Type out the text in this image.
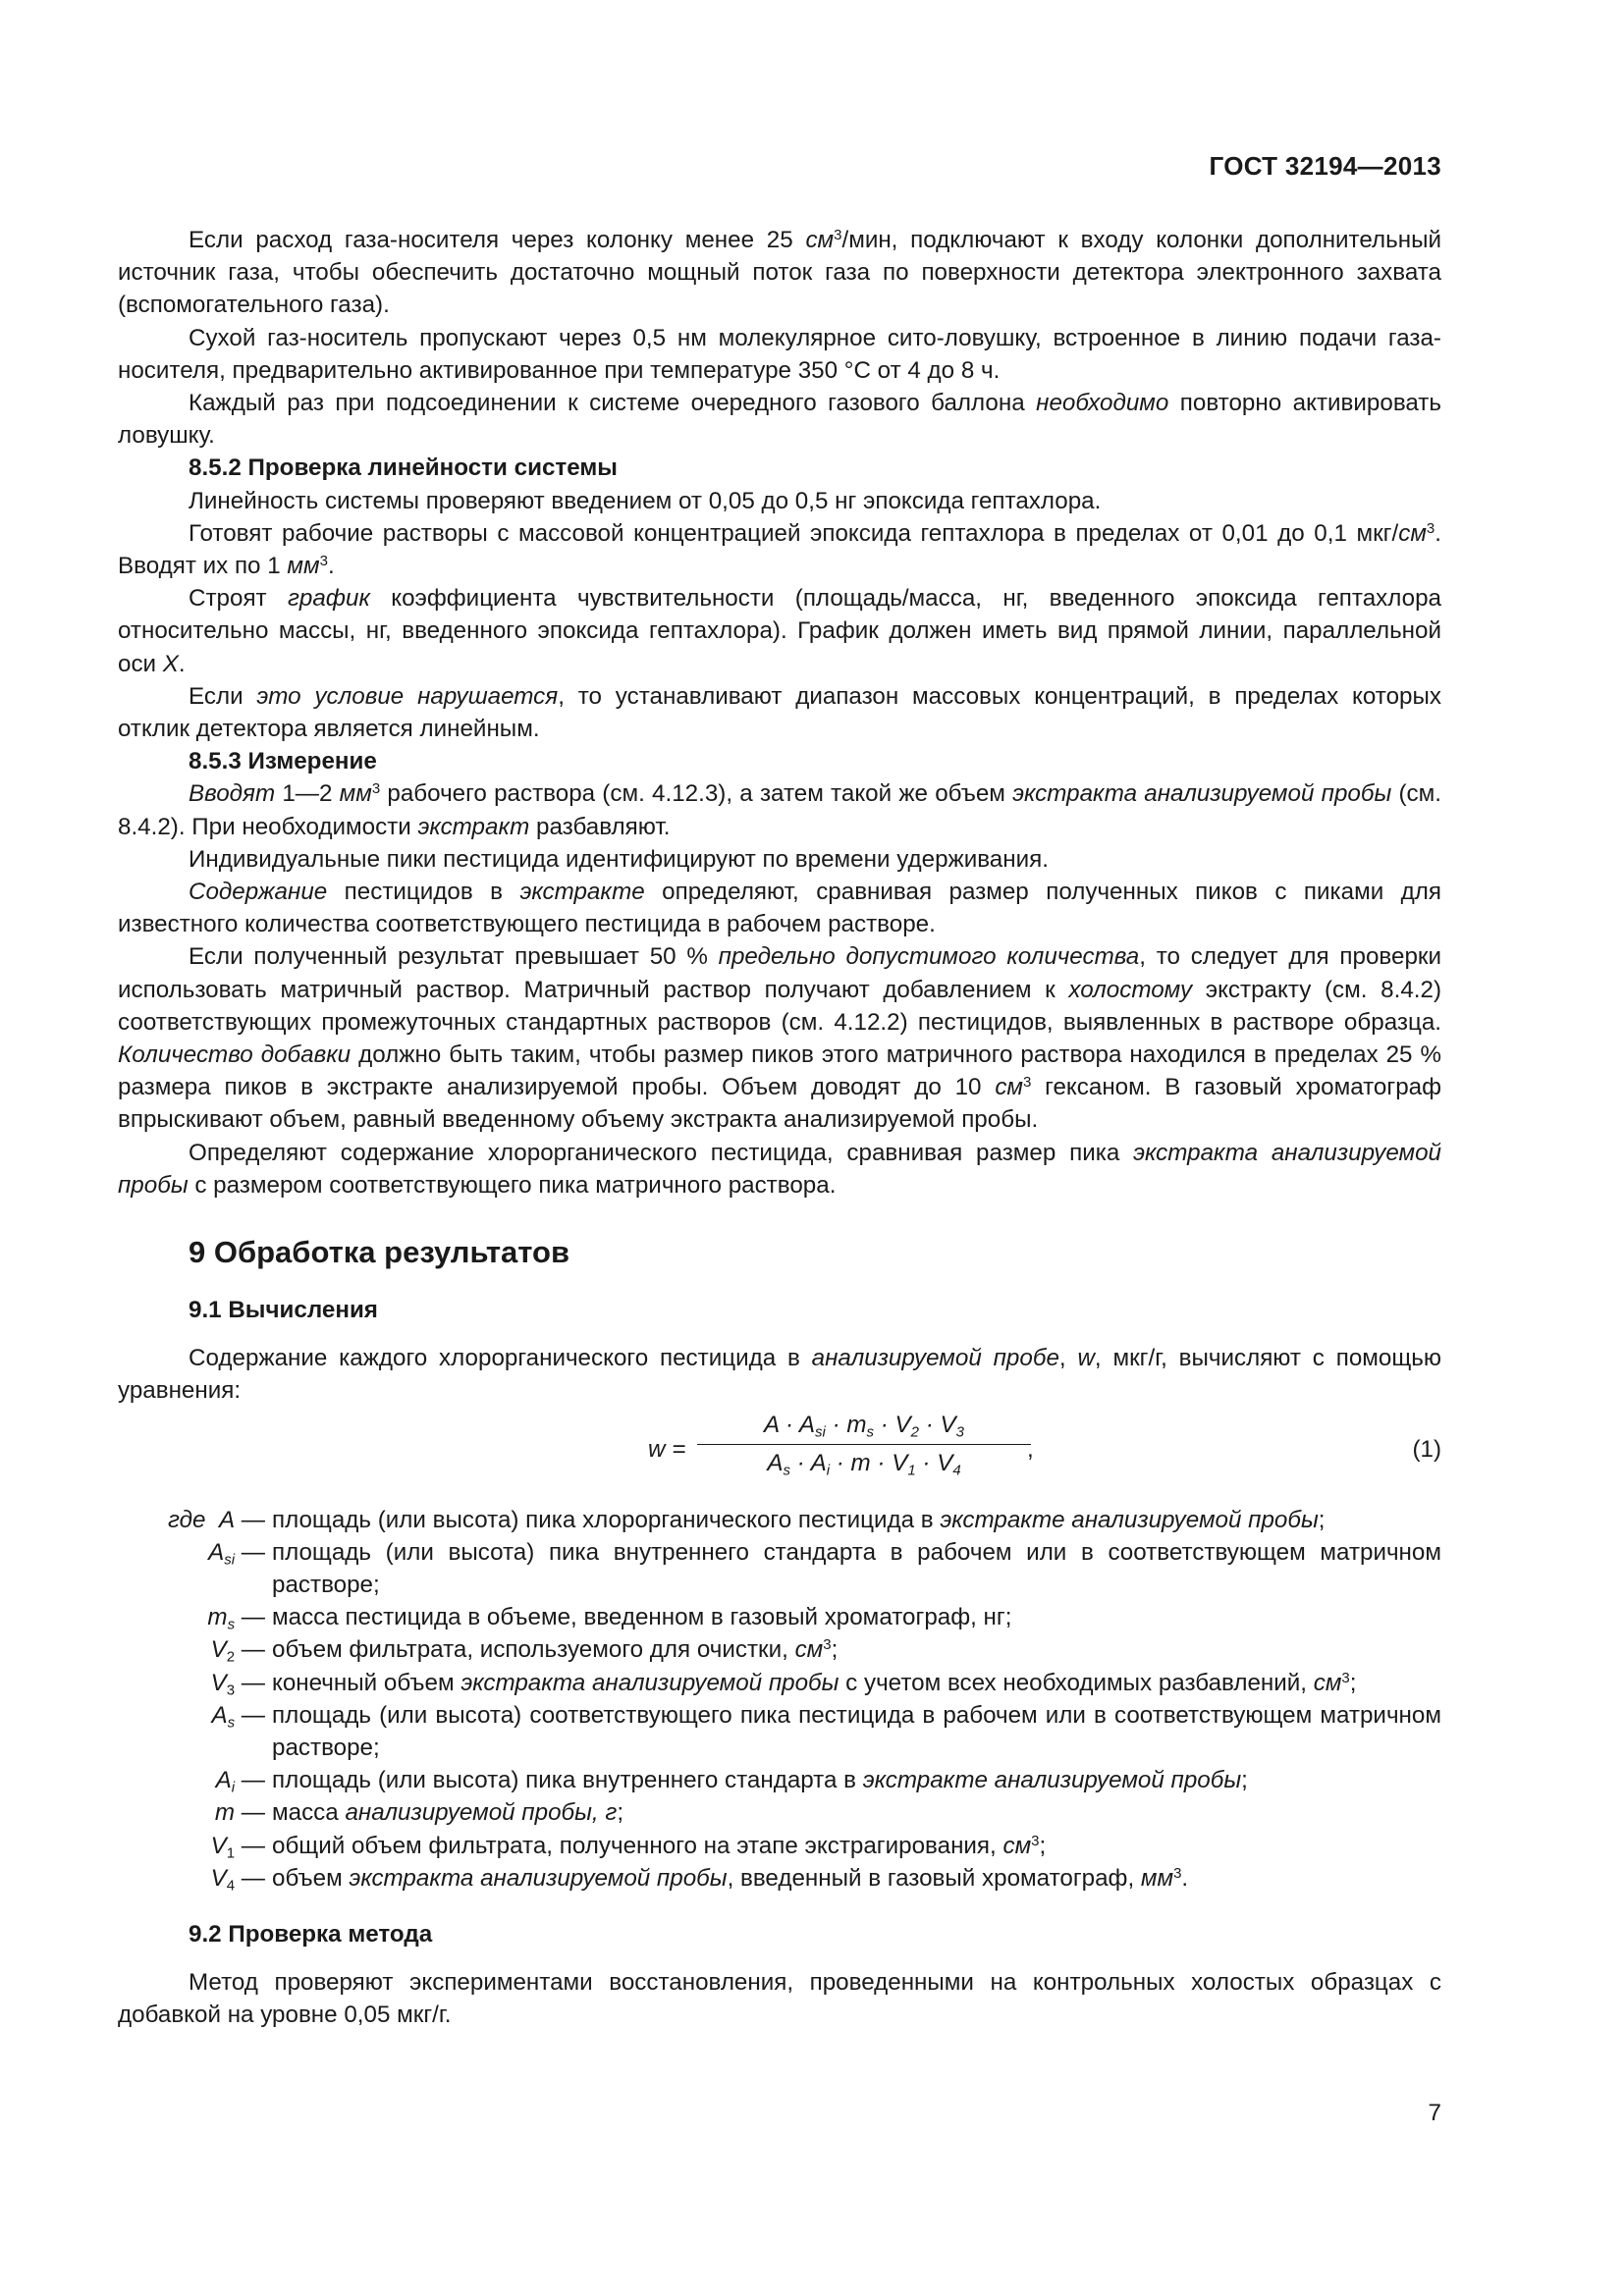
ГОСТ 32194—2013

Если расход газа-носителя через колонку менее 25 $см^3$/мин, подключают к входу колонки дополнительный источник газа, чтобы обеспечить достаточно мощный поток газа по поверхности детектора электронного захвата (вспомогательного газа).

Сухой газ-носитель пропускают через 0,5 нм молекулярное сито-ловушку, встроенное в линию подачи газа-носителя, предварительно активированное при температуре 350 °С от 4 до 8 ч.

Каждый раз при подсоединении к системе очередного газового баллона необходимо повторно активировать ловушку.

8.5.2 Проверка линейности системы

Линейность системы проверяют введением от 0,05 до 0,5 нг эпоксида гептахлора.

Готовят рабочие растворы с массовой концентрацией эпоксида гептахлора в пределах от 0,01 до 0,1 мкг/$см^3$. Вводят их по 1 $мм^3$.

Строят график коэффициента чувствительности (площадь/масса, нг, введенного эпоксида гептахлора относительно массы, нг, введенного эпоксида гептахлора). График должен иметь вид прямой линии, параллельной оси X.

Если это условие нарушается, то устанавливают диапазон массовых концентраций, в пределах которых отклик детектора является линейным.

8.5.3 Измерение

Вводят 1—2 $мм^3$ рабочего раствора (см. 4.12.3), а затем такой же объем экстракта анализируемой пробы (см. 8.4.2). При необходимости экстракт разбавляют.

Индивидуальные пики пестицида идентифицируют по времени удерживания.

Содержание пестицидов в экстракте определяют, сравнивая размер полученных пиков с пиками для известного количества соответствующего пестицида в рабочем растворе.

Если полученный результат превышает 50 % предельно допустимого количества, то следует для проверки использовать матричный раствор. Матричный раствор получают добавлением к холостому экстракту (см. 8.4.2) соответствующих промежуточных стандартных растворов (см. 4.12.2) пестицидов, выявленных в растворе образца. Количество добавки должно быть таким, чтобы размер пиков этого матричного раствора находился в пределах 25 % размера пиков в экстракте анализируемой пробы. Объем доводят до 10 $см^3$ гексаном. В газовый хроматограф впрыскивают объем, равный введенному объему экстракта анализируемой пробы.

Определяют содержание хлорорганического пестицида, сравнивая размер пика экстракта анализируемой пробы с размером соответствующего пика матричного раствора.

9 Обработка результатов
9.1 Вычисления

Содержание каждого хлорорганического пестицида в анализируемой пробе, w, мкг/г, вычисляют с помощью уравнения:

w =
$A \cdot A_{si} \cdot m_s \cdot V_2 \cdot V_3$
$A_s \cdot A_i \cdot m \cdot V_1 \cdot V_4$
,	(1)
где A — площадь (или высота) пика хлорорганического пестицида в экстракте анализируемой пробы;
$A_{si}$ — площадь (или высота) пика внутреннего стандарта в рабочем или в соответствующем матричном растворе;
$m_s$ — масса пестицида в объеме, введенном в газовый хроматограф, нг;
$V_2$ — объем фильтрата, используемого для очистки, $см^3$;
$V_3$ — конечный объем экстракта анализируемой пробы с учетом всех необходимых разбавлений, $см^3$;
$A_s$ — площадь (или высота) соответствующего пика пестицида в рабочем или в соответствующем матричном растворе;
$A_i$ — площадь (или высота) пика внутреннего стандарта в экстракте анализируемой пробы;
m — масса анализируемой пробы, г;
$V_1$ — общий объем фильтрата, полученного на этапе экстрагирования, $см^3$;
$V_4$ — объем экстракта анализируемой пробы, введенный в газовый хроматограф, $мм^3$.
9.2 Проверка метода

Метод проверяют экспериментами восстановления, проведенными на контрольных холостых образцах с добавкой на уровне 0,05 мкг/г.

7
